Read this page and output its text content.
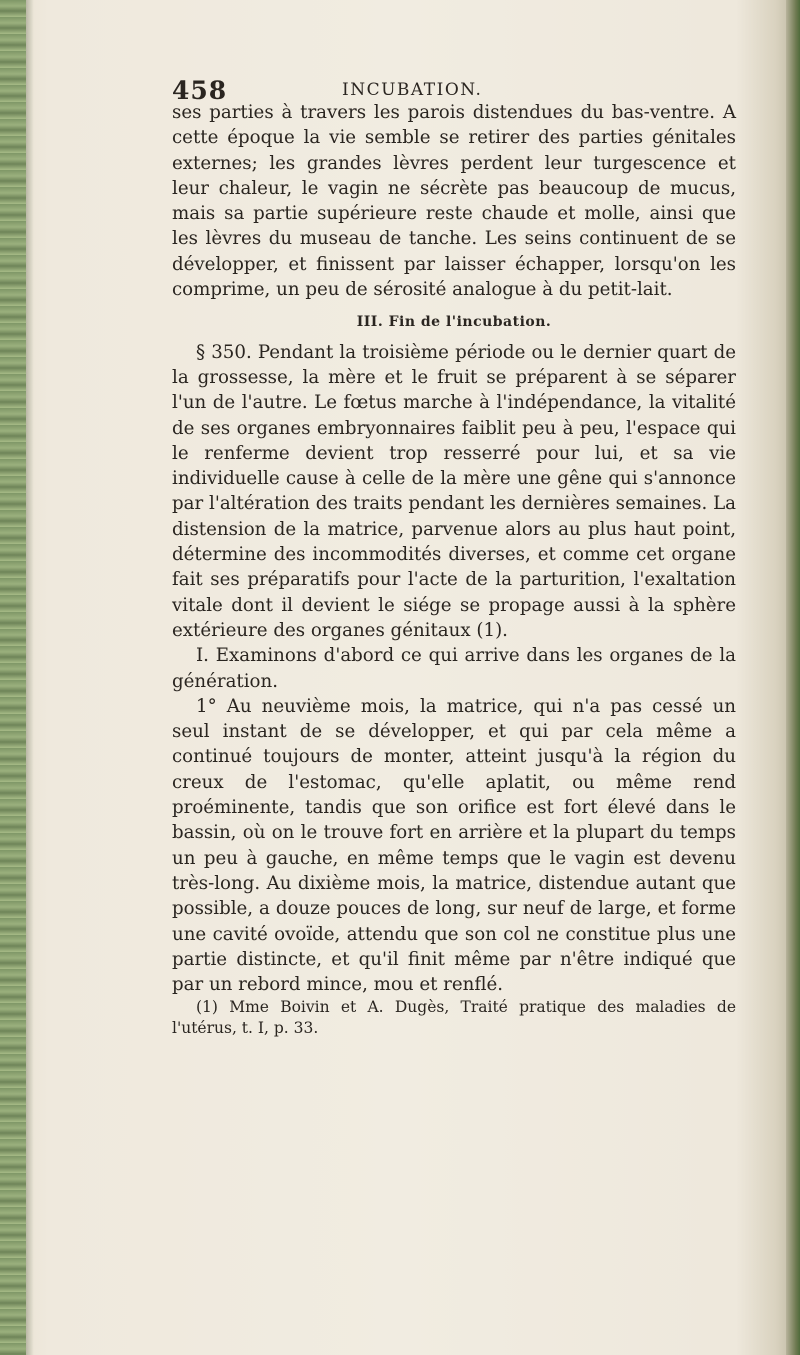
458	INCUBATION.

ses parties à travers les parois distendues du bas-ventre. A cette époque la vie semble se retirer des parties génitales externes; les grandes lèvres perdent leur turgescence et leur chaleur, le vagin ne sécrète pas beaucoup de mucus, mais sa partie supérieure reste chaude et molle, ainsi que les lèvres du museau de tanche. Les seins continuent de se développer, et finissent par laisser échapper, lorsqu'on les comprime, un peu de sérosité analogue à du petit-lait.

III. Fin de l'incubation.

§ 350. Pendant la troisième période ou le dernier quart de la grossesse, la mère et le fruit se préparent à se séparer l'un de l'autre. Le fœtus marche à l'indépendance, la vitalité de ses organes embryonnaires faiblit peu à peu, l'espace qui le renferme devient trop resserré pour lui, et sa vie individuelle cause à celle de la mère une gêne qui s'annonce par l'altération des traits pendant les dernières semaines. La distension de la matrice, parvenue alors au plus haut point, détermine des incommodités diverses, et comme cet organe fait ses préparatifs pour l'acte de la parturition, l'exaltation vitale dont il devient le siége se propage aussi à la sphère extérieure des organes génitaux (1).

I. Examinons d'abord ce qui arrive dans les organes de la génération.

1° Au neuvième mois, la matrice, qui n'a pas cessé un seul instant de se développer, et qui par cela même a continué toujours de monter, atteint jusqu'à la région du creux de l'estomac, qu'elle aplatit, ou même rend proéminente, tandis que son orifice est fort élevé dans le bassin, où on le trouve fort en arrière et la plupart du temps un peu à gauche, en même temps que le vagin est devenu très-long. Au dixième mois, la matrice, distendue autant que possible, a douze pouces de long, sur neuf de large, et forme une cavité ovoïde, attendu que son col ne constitue plus une partie distincte, et qu'il finit même par n'être indiqué que par un rebord mince, mou et renflé.

(1) Mme Boivin et A. Dugès, Traité pratique des maladies de l'utérus, t. I, p. 33.
